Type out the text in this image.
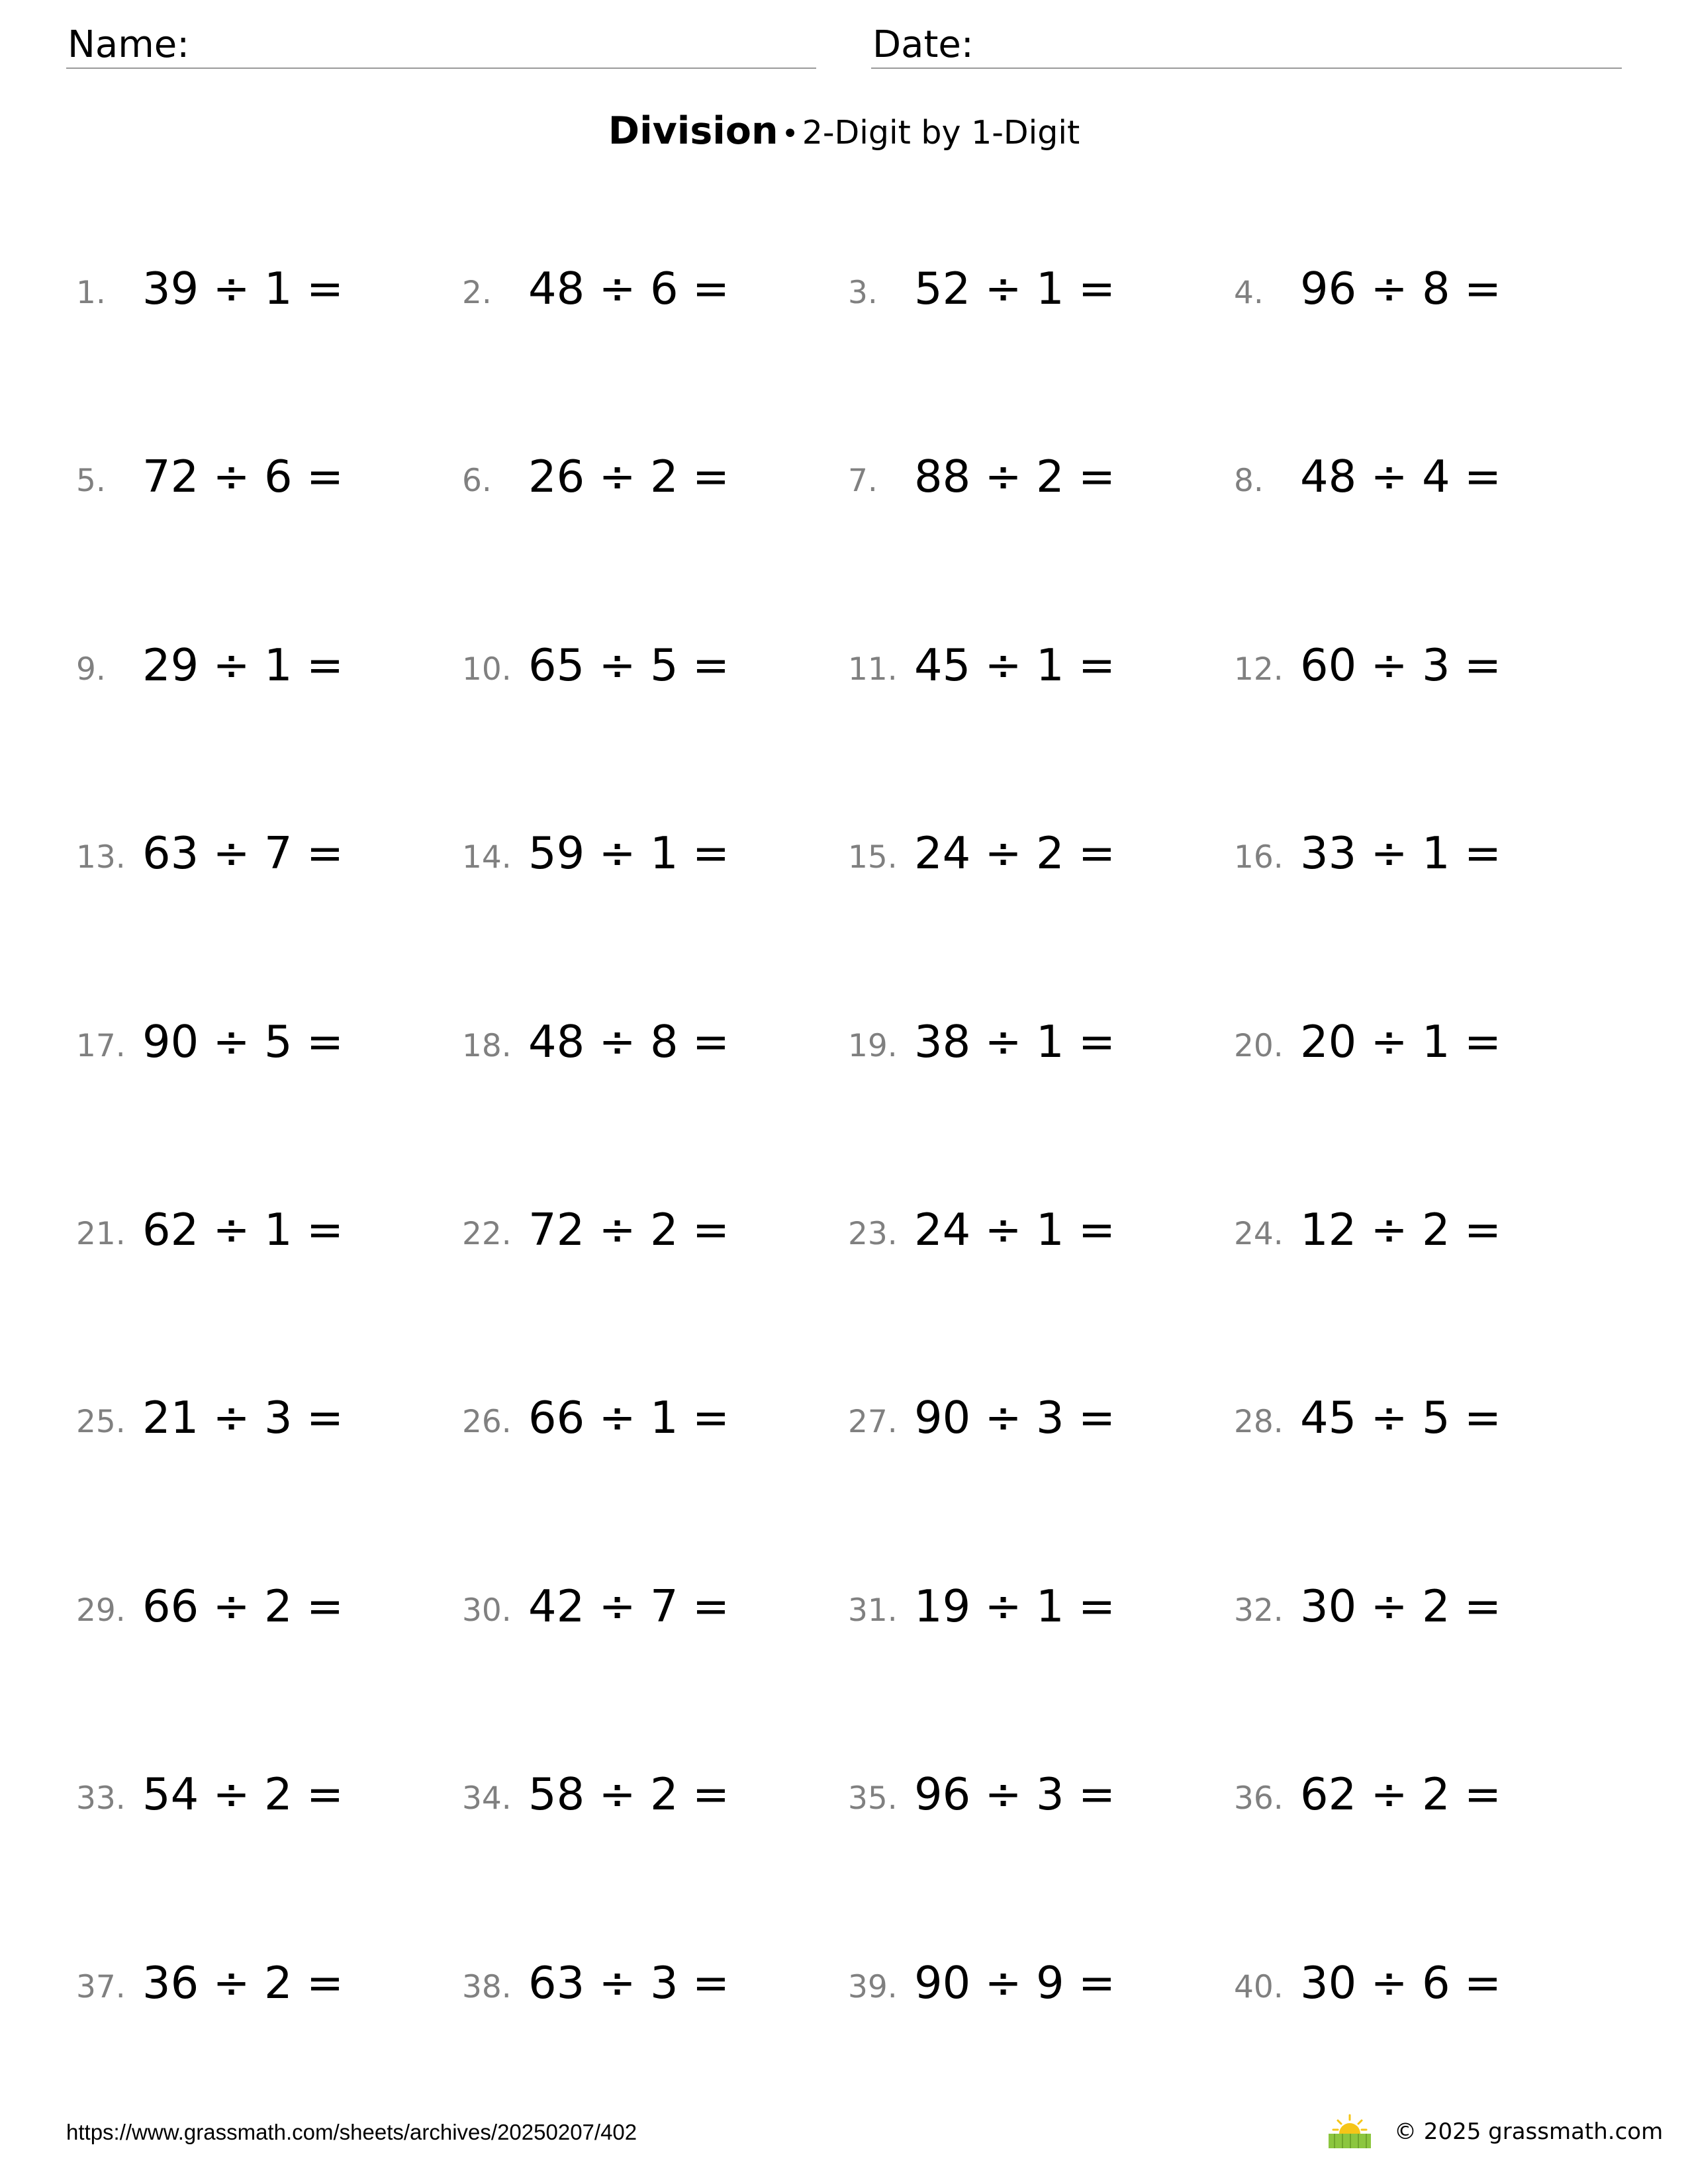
Name:	Date:
Division • 2-Digit by 1-Digit
1. 39 ÷ 1 =	2. 48 ÷ 6 =	3. 52 ÷ 1 =	4. 96 ÷ 8 =
5. 72 ÷ 6 =	6. 26 ÷ 2 =	7. 88 ÷ 2 =	8. 48 ÷ 4 =
9. 29 ÷ 1 =	10. 65 ÷ 5 =	11. 45 ÷ 1 =	12. 60 ÷ 3 =
13. 63 ÷ 7 =	14. 59 ÷ 1 =	15. 24 ÷ 2 =	16. 33 ÷ 1 =
17. 90 ÷ 5 =	18. 48 ÷ 8 =	19. 38 ÷ 1 =	20. 20 ÷ 1 =
21. 62 ÷ 1 =	22. 72 ÷ 2 =	23. 24 ÷ 1 =	24. 12 ÷ 2 =
25. 21 ÷ 3 =	26. 66 ÷ 1 =	27. 90 ÷ 3 =	28. 45 ÷ 5 =
29. 66 ÷ 2 =	30. 42 ÷ 7 =	31. 19 ÷ 1 =	32. 30 ÷ 2 =
33. 54 ÷ 2 =	34. 58 ÷ 2 =	35. 96 ÷ 3 =	36. 62 ÷ 2 =
37. 36 ÷ 2 =	38. 63 ÷ 3 =	39. 90 ÷ 9 =	40. 30 ÷ 6 =
https://www.grassmath.com/sheets/archives/20250207/402	© 2025 grassmath.com
